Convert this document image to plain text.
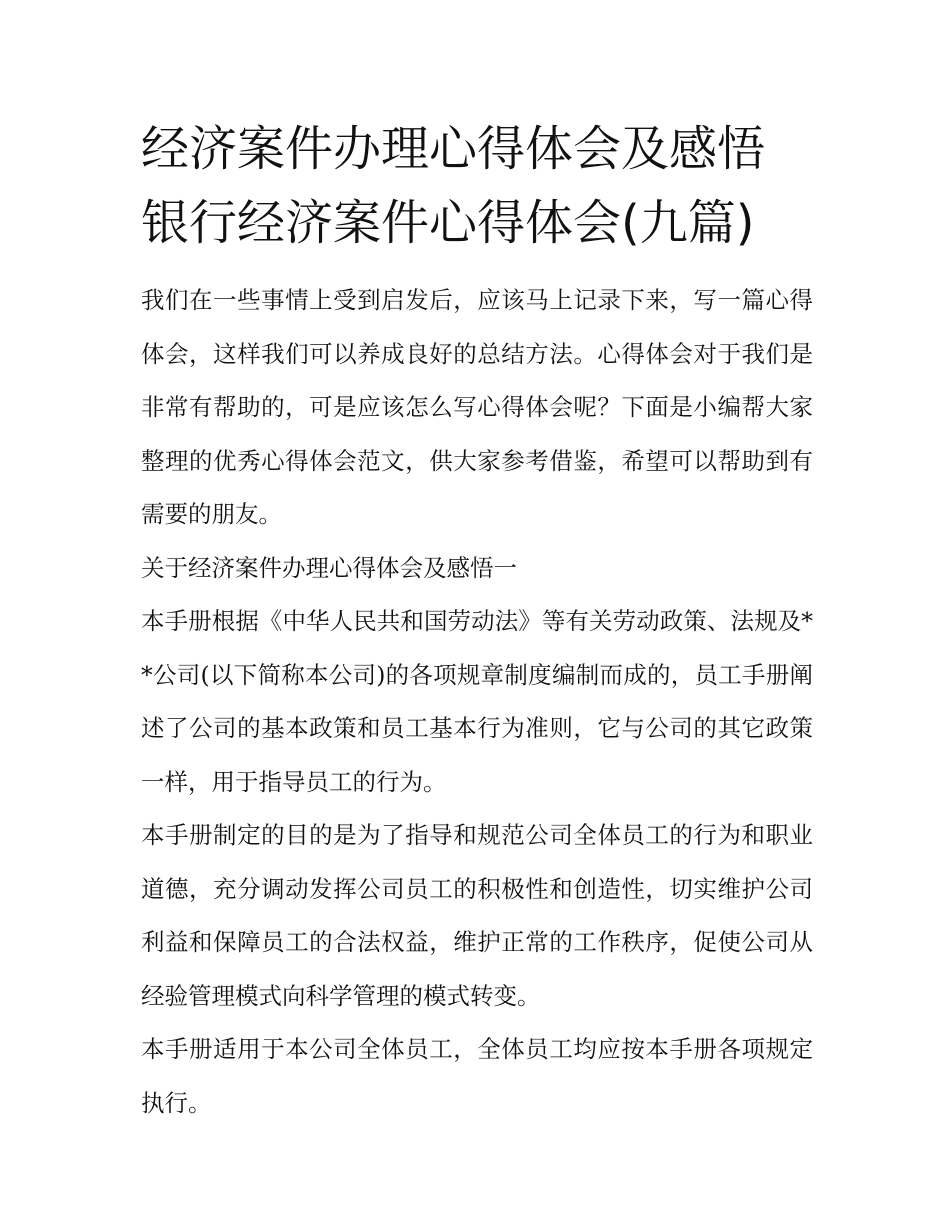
经济案件办理心得体会及感悟
银行经济案件心得体会(九篇)

我们在一些事情上受到启发后，应该马上记录下来，写一篇心得体会，这样我们可以养成良好的总结方法。心得体会对于我们是非常有帮助的，可是应该怎么写心得体会呢？下面是小编帮大家整理的优秀心得体会范文，供大家参考借鉴，希望可以帮助到有需要的朋友。

关于经济案件办理心得体会及感悟一

本手册根据《中华人民共和国劳动法》等有关劳动政策、法规及**公司(以下简称本公司)的各项规章制度编制而成的，员工手册阐述了公司的基本政策和员工基本行为准则，它与公司的其它政策一样，用于指导员工的行为。

本手册制定的目的是为了指导和规范公司全体员工的行为和职业道德，充分调动发挥公司员工的积极性和创造性，切实维护公司利益和保障员工的合法权益，维护正常的工作秩序，促使公司从经验管理模式向科学管理的模式转变。

本手册适用于本公司全体员工，全体员工均应按本手册各项规定执行。
